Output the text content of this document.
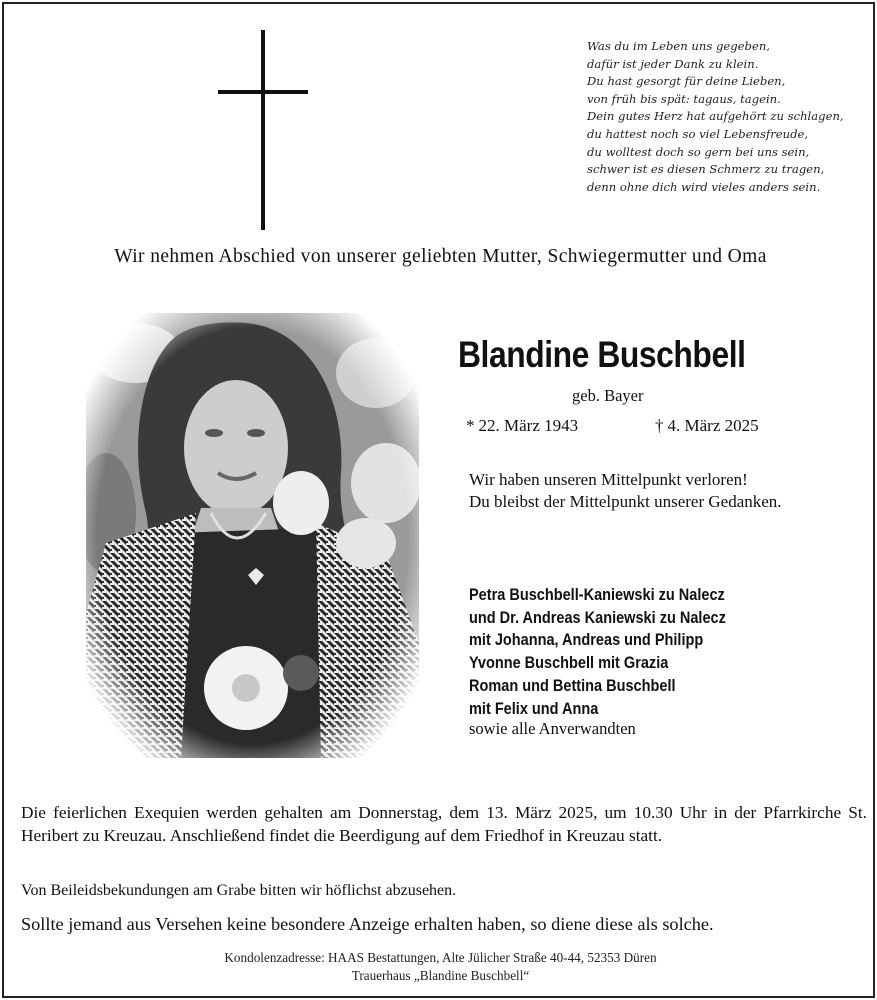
Was du im Leben uns gegeben,
dafür ist jeder Dank zu klein.
Du hast gesorgt für deine Lieben,
von früh bis spät: tagaus, tagein.
Dein gutes Herz hat aufgehört zu schlagen,
du hattest noch so viel Lebensfreude,
du wolltest doch so gern bei uns sein,
schwer ist es diesen Schmerz zu tragen,
denn ohne dich wird vieles anders sein.
Wir nehmen Abschied von unserer geliebten Mutter, Schwiegermutter und Oma
Blandine Buschbell
geb. Bayer
* 22. März 1943	† 4. März 2025
Wir haben unseren Mittelpunkt verloren!
Du bleibst der Mittelpunkt unserer Gedanken.
Petra Buschbell-Kaniewski zu Nalecz
und Dr. Andreas Kaniewski zu Nalecz
mit Johanna, Andreas und Philipp
Yvonne Buschbell mit Grazia
Roman und Bettina Buschbell
mit Felix und Anna
sowie alle Anverwandten
Die feierlichen Exequien werden gehalten am Donnerstag, dem 13. März 2025, um 10.30 Uhr in der Pfarrkirche St. Heribert zu Kreuzau. Anschließend findet die Beerdigung auf dem Friedhof in Kreuzau statt.
Von Beileidsbekundungen am Grabe bitten wir höflichst abzusehen.
Sollte jemand aus Versehen keine besondere Anzeige erhalten haben, so diene diese als solche.
Kondolenzadresse: HAAS Bestattungen, Alte Jülicher Straße 40-44, 52353 Düren
Trauerhaus „Blandine Buschbell“
